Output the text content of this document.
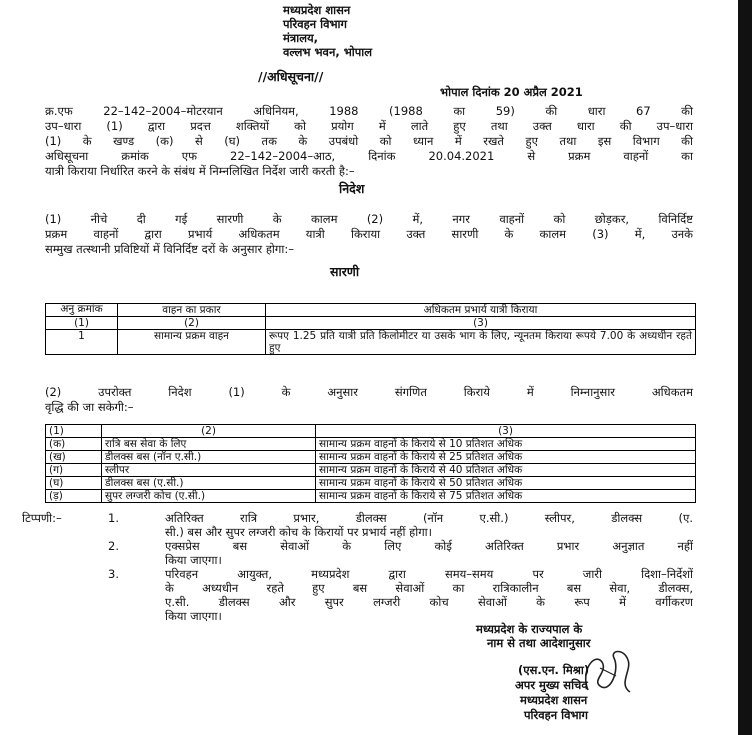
मध्यप्रदेश शासन
परिवहन विभाग
मंत्रालय,
वल्लभ भवन, भोपाल
//अधिसूचना//
भोपाल दिनांक 20 अप्रैल 2021
क्र.एफ 22–142–2004–मोटरयान अधिनियम, 1988 (1988 का 59) की धारा 67 की
उप–धारा (1) द्वारा प्रदत्त शक्तियों को प्रयोग में लाते हुए तथा उक्त धारा की उप–धारा
(1) के खण्ड (क) से (घ) तक के उपबंधो को ध्यान में रखते हुए तथा इस विभाग की
अधिसूचना क्रमांक एफ 22–142–2004–आठ, दिनांक 20.04.2021 से प्रक्रम वाहनों का
यात्री किराया निर्धारित करने के संबंध में निम्नलिखित निर्देश जारी करती है:–
निदेश
(1) नीचे दी गई सारणी के कालम (2) में, नगर वाहनों को छोड़कर, विनिर्दिष्ट
प्रक्रम वाहनों द्वारा प्रभार्य अधिकतम यात्री किराया उक्त सारणी के कालम (3) में, उनके
सम्मुख तत्स्थानी प्रविष्टियों में विनिर्दिष्ट दरों के अनुसार होगा:–
सारणी
अनु क्रमांक	वाहन का प्रकार	अधिकतम प्रभार्य यात्री किराया
(1)	(2)	(3)
1	सामान्य प्रक्रम वाहन	रूपए 1.25 प्रति यात्री प्रति किलोमीटर या उसके भाग के लिए, न्यूनतम किराया रूपये 7.00 के अध्यधीन रहते हुए
(2) उपरोक्त निदेश (1) के अनुसार संगणित किराये में निम्नानुसार अधिकतम
वृद्धि की जा सकेगी:–
(1)	(2)	(3)
(क)	रात्रि बस सेवा के लिए	सामान्य प्रक्रम वाहनों के किराये से 10 प्रतिशत अधिक
(ख)	डीलक्स बस (नॉन ए.सी.)	सामान्य प्रक्रम वाहनों के किराये से 25 प्रतिशत अधिक
(ग)	स्लीपर	सामान्य प्रक्रम वाहनों के किराये से 40 प्रतिशत अधिक
(घ)	डीलक्स बस (ए.सी.)	सामान्य प्रक्रम वाहनों के किराये से 50 प्रतिशत अधिक
(ड़)	सुपर लग्जरी कोच (ए.सी.)	सामान्य प्रक्रम वाहनों के किराये से 75 प्रतिशत अधिक
टिप्पणी:–	1.	अतिरिक्त रात्रि प्रभार, डीलक्स (नॉन ए.सी.) स्लीपर, डीलक्स (ए.
सी.) बस और सुपर लग्जरी कोच के किरायों पर प्रभार्य नहीं होगा।
2.	एक्सप्रेस बस सेवाओं के लिए कोई अतिरिक्त प्रभार अनुज्ञात नहीं
किया जाएगा।
3.	परिवहन आयुक्त, मध्यप्रदेश द्वारा समय–समय पर जारी दिशा–निर्देशों
के अध्यधीन रहते हुए बस सेवाओं का रात्रिकालीन बस सेवा, डीलक्स,
ए.सी. डीलक्स और सुपर लग्जरी कोच सेवाओं के रूप में वर्गीकरण
किया जाएगा।
मध्यप्रदेश के राज्यपाल के
नाम से तथा आदेशानुसार
(एस.एन. मिश्रा)
अपर मुख्य सचिव
मध्यप्रदेश शासन
परिवहन विभाग
